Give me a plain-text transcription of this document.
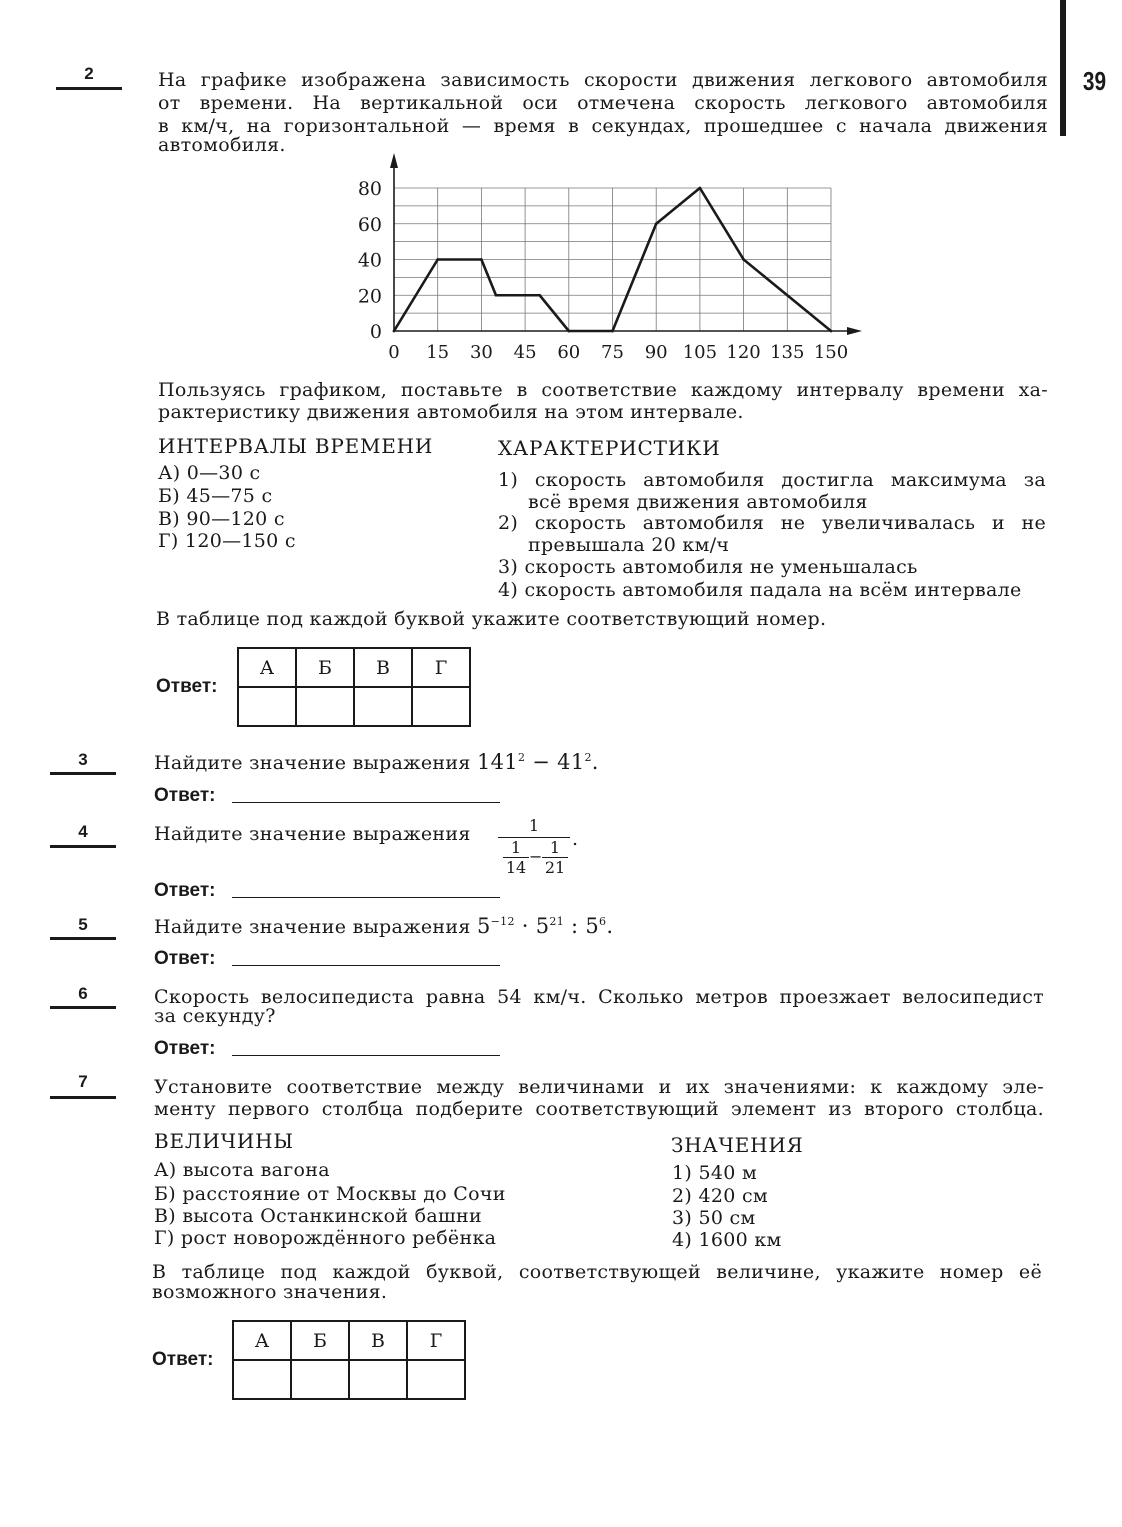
39
2	На графике изображена зависимость скорости движения легкового автомобиля
от времени. На вертикальной оси отмечена скорость легкового автомобиля
в км/ч, на горизонтальной — время в секундах, прошедшее с начала движения
автомобиля.
0
20
40
60
80
0 15 30 45 60 75 90 105 120 135 150
Пользуясь графиком, поставьте в соответствие каждому интервалу времени ха-
рактеристику движения автомобиля на этом интервале.
ИНТЕРВАЛЫ ВРЕМЕНИ	ХАРАКТЕРИСТИКИ
А) 0—30 с
Б) 45—75 с
В) 90—120 с
Г) 120—150 с
1) скорость автомобиля достигла максимума за
всё время движения автомобиля
2) скорость автомобиля не увеличивалась и не
превышала 20 км/ч
3) скорость автомобиля не уменьшалась
4) скорость автомобиля падала на всём интервале
В таблице под каждой буквой укажите соответствующий номер.
Ответ:
А	Б	В	Г

3	Найдите значение выражения $141^2 - 41^2$.
Ответ:
4	Найдите значение выражения	1
1
14
− 1
21
.
Ответ:
5	Найдите значение выражения $5^{-12} \cdot 5^{21}$ : $5^6$.
Ответ:
6	Скорость велосипедиста равна 54 км/ч. Сколько метров проезжает велосипедист
за секунду?
Ответ:
7	Установите соответствие между величинами и их значениями: к каждому эле-
менту первого столбца подберите соответствующий элемент из второго столбца.
ВЕЛИЧИНЫ	ЗНАЧЕНИЯ
А) высота вагона
Б) расстояние от Москвы до Сочи
В) высота Останкинской башни
Г) рост новорождённого ребёнка
1) 540 м
2) 420 см
3) 50 см
4) 1600 км
В таблице под каждой буквой, соответствующей величине, укажите номер её
возможного значения.
Ответ:
А	Б	В	Г
